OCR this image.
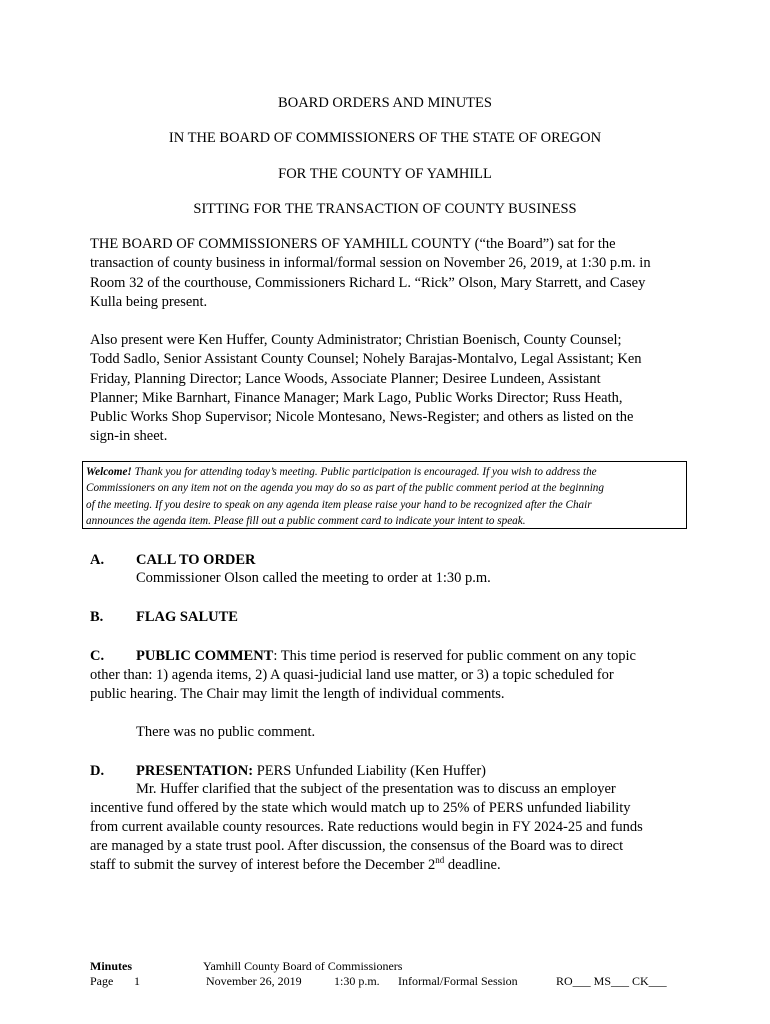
BOARD ORDERS AND MINUTES
IN THE BOARD OF COMMISSIONERS OF THE STATE OF OREGON
FOR THE COUNTY OF YAMHILL
SITTING FOR THE TRANSACTION OF COUNTY BUSINESS
THE BOARD OF COMMISSIONERS OF YAMHILL COUNTY (“the Board”) sat for the
transaction of county business in informal/formal session on November 26, 2019, at 1:30 p.m. in
Room 32 of the courthouse, Commissioners Richard L. “Rick” Olson, Mary Starrett, and Casey
Kulla being present.
Also present were Ken Huffer, County Administrator; Christian Boenisch, County Counsel;
Todd Sadlo, Senior Assistant County Counsel; Nohely Barajas-Montalvo, Legal Assistant; Ken
Friday, Planning Director; Lance Woods, Associate Planner; Desiree Lundeen, Assistant
Planner; Mike Barnhart, Finance Manager; Mark Lago, Public Works Director; Russ Heath,
Public Works Shop Supervisor; Nicole Montesano, News-Register; and others as listed on the
sign-in sheet.
Welcome! Thank you for attending today’s meeting. Public participation is encouraged. If you wish to address the
Commissioners on any item not on the agenda you may do so as part of the public comment period at the beginning
of the meeting. If you desire to speak on any agenda item please raise your hand to be recognized after the Chair
announces the agenda item. Please fill out a public comment card to indicate your intent to speak.
A. CALL TO ORDER
Commissioner Olson called the meeting to order at 1:30 p.m.
B. FLAG SALUTE
C. PUBLIC COMMENT: This time period is reserved for public comment on any topic
other than: 1) agenda items, 2) A quasi-judicial land use matter, or 3) a topic scheduled for
public hearing. The Chair may limit the length of individual comments.
There was no public comment.
D. PRESENTATION: PERS Unfunded Liability (Ken Huffer)
Mr. Huffer clarified that the subject of the presentation was to discuss an employer
incentive fund offered by the state which would match up to 25% of PERS unfunded liability
from current available county resources. Rate reductions would begin in FY 2024-25 and funds
are managed by a state trust pool. After discussion, the consensus of the Board was to direct
staff to submit the survey of interest before the December 2nd deadline.
Minutes
Page 1
Yamhill County Board of Commissioners
November 26, 2019	1:30 p.m. Informal/Formal Session	RO___ MS___ CK___
